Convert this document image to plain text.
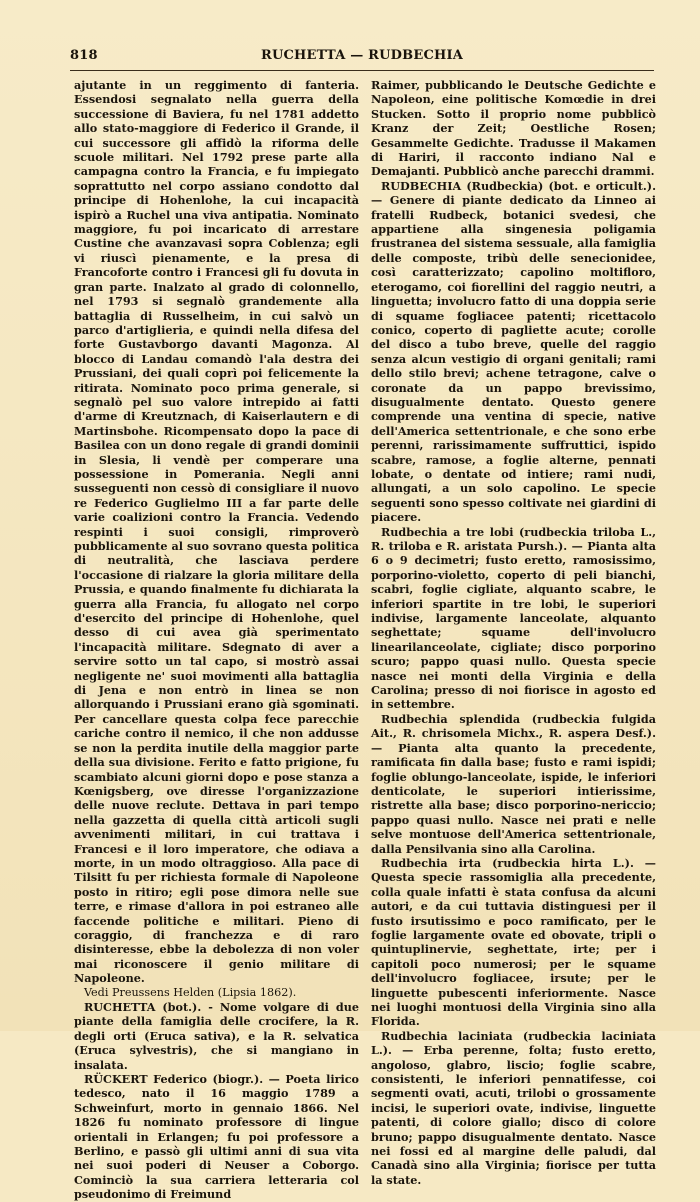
818	RUCHETTA — RUDBECHIA

ajutante in un reggimento di fanteria. Essendosi segnalato nella guerra della successione di Baviera, fu nel 1781 addetto allo stato-maggiore di Federico il Grande, il cui successore gli affidò la riforma delle scuole militari. Nel 1792 prese parte alla campagna contro la Francia, e fu impiegato soprattutto nel corpo assiano condotto dal principe di Hohenlohe, la cui incapacità ispirò a Ruchel una viva antipatia. Nominato maggiore, fu poi incaricato di arrestare Custine che avanzavasi sopra Coblenza; egli vi riuscì pienamente, e la presa di Francoforte contro i Francesi gli fu dovuta in gran parte. Inalzato al grado di colonnello, nel 1793 si segnalò grandemente alla battaglia di Russelheim, in cui salvò un parco d'artiglieria, e quindi nella difesa del forte Gustavborgo davanti Magonza. Al blocco di Landau comandò l'ala destra dei Prussiani, dei quali coprì poi felicemente la ritirata. Nominato poco prima generale, si segnalò pel suo valore intrepido ai fatti d'arme di Kreutznach, di Kaiserlautern e di Martinsbohe. Ricompensato dopo la pace di Basilea con un dono regale di grandi dominii in Slesia, li vendè per comperare una possessione in Pomerania. Negli anni susseguenti non cessò di consigliare il nuovo re Federico Guglielmo III a far parte delle varie coalizioni contro la Francia. Vedendo respinti i suoi consigli, rimproverò pubblicamente al suo sovrano questa politica di neutralità, che lasciava perdere l'occasione di rialzare la gloria militare della Prussia, e quando finalmente fu dichiarata la guerra alla Francia, fu allogato nel corpo d'esercito del principe di Hohenlohe, quel desso di cui avea già sperimentato l'incapacità militare. Sdegnato di aver a servire sotto un tal capo, si mostrò assai negligente ne' suoi movimenti alla battaglia di Jena e non entrò in linea se non allorquando i Prussiani erano già sgominati. Per cancellare questa colpa fece parecchie cariche contro il nemico, il che non addusse se non la perdita inutile della maggior parte della sua divisione. Ferito e fatto prigione, fu scambiato alcuni giorni dopo e pose stanza a Kœnigsberg, ove diresse l'organizzazione delle nuove reclute. Dettava in pari tempo nella gazzetta di quella città articoli sugli avvenimenti militari, in cui trattava i Francesi e il loro imperatore, che odiava a morte, in un modo oltraggioso. Alla pace di Tilsitt fu per richiesta formale di Napoleone posto in ritiro; egli pose dimora nelle sue terre, e rimase d'allora in poi estraneo alle faccende politiche e militari. Pieno di coraggio, di franchezza e di raro disinteresse, ebbe la debolezza di non voler mai riconoscere il genio militare di Napoleone.

Vedi Preussens Helden (Lipsia 1862).

RUCHETTA (bot.). - Nome volgare di due piante della famiglia delle crocifere, la R. degli orti (Eruca sativa), e la R. selvatica (Eruca sylvestris), che si mangiano in insalata.

RÜCKERT Federico (biogr.). — Poeta lirico tedesco, nato il 16 maggio 1789 a Schweinfurt, morto in gennaio 1866. Nel 1826 fu nominato professore di lingue orientali in Erlangen; fu poi professore a Berlino, e passò gli ultimi anni di sua vita nei suoi poderi di Neuser a Coborgo. Cominciò la sua carriera letteraria col pseudonimo di Freimund

Raimer, pubblicando le Deutsche Gedichte e Napoleon, eine politische Komœdie in drei Stucken. Sotto il proprio nome pubblicò Kranz der Zeit; Oestliche Rosen; Gesammelte Gedichte. Tradusse il Makamen di Hariri, il racconto indiano Nal e Demajanti. Pubblicò anche parecchi drammi.

RUDBECHIA (Rudbeckia) (bot. e orticult.). — Genere di piante dedicato da Linneo ai fratelli Rudbeck, botanici svedesi, che appartiene alla singenesia poligamia frustranea del sistema sessuale, alla famiglia delle composte, tribù delle senecionidee, così caratterizzato; capolino moltifloro, eterogamo, coi fiorellini del raggio neutri, a linguetta; involucro fatto di una doppia serie di squame fogliacee patenti; ricettacolo conico, coperto di pagliette acute; corolle del disco a tubo breve, quelle del raggio senza alcun vestigio di organi genitali; rami dello stilo brevi; achene tetragone, calve o coronate da un pappo brevissimo, disugualmente dentato. Questo genere comprende una ventina di specie, native dell'America settentrionale, e che sono erbe perenni, rarissimamente suffruttici, ispido scabre, ramose, a foglie alterne, pennati lobate, o dentate od intiere; rami nudi, allungati, a un solo capolino. Le specie seguenti sono spesso coltivate nei giardini di piacere.

Rudbechia a tre lobi (rudbeckia triloba L., R. triloba e R. aristata Pursh.). — Pianta alta 6 o 9 decimetri; fusto eretto, ramosissimo, porporino-violetto, coperto di peli bianchi, scabri, foglie cigliate, alquanto scabre, le inferiori spartite in tre lobi, le superiori indivise, largamente lanceolate, alquanto seghettate; squame dell'involucro linearilanceolate, cigliate; disco porporino scuro; pappo quasi nullo. Questa specie nasce nei monti della Virginia e della Carolina; presso di noi fiorisce in agosto ed in settembre.

Rudbechia splendida (rudbeckia fulgida Ait., R. chrisomela Michx., R. aspera Desf.). — Pianta alta quanto la precedente, ramificata fin dalla base; fusto e rami ispidi; foglie oblungo-lanceolate, ispide, le inferiori denticolate, le superiori intierissime, ristrette alla base; disco porporino-nericcio; pappo quasi nullo. Nasce nei prati e nelle selve montuose dell'America settentrionale, dalla Pensilvania sino alla Carolina.

Rudbechia irta (rudbeckia hirta L.). — Questa specie rassomiglia alla precedente, colla quale infatti è stata confusa da alcuni autori, e da cui tuttavia distinguesi per il fusto irsutissimo e poco ramificato, per le foglie largamente ovate ed obovate, tripli o quintuplinervie, seghettate, irte; per i capitoli poco numerosi; per le squame dell'involucro fogliacee, irsute; per le linguette pubescenti inferiormente. Nasce nei luoghi montuosi della Virginia sino alla Florida.

Rudbechia laciniata (rudbeckia laciniata L.). — Erba perenne, folta; fusto eretto, angoloso, glabro, liscio; foglie scabre, consistenti, le inferiori pennatifesse, coi segmenti ovati, acuti, trilobi o grossamente incisi, le superiori ovate, indivise, linguette patenti, di colore giallo; disco di colore bruno; pappo disugualmente dentato. Nasce nei fossi ed al margine delle paludi, dal Canadà sino alla Virginia; fiorisce per tutta la state.
